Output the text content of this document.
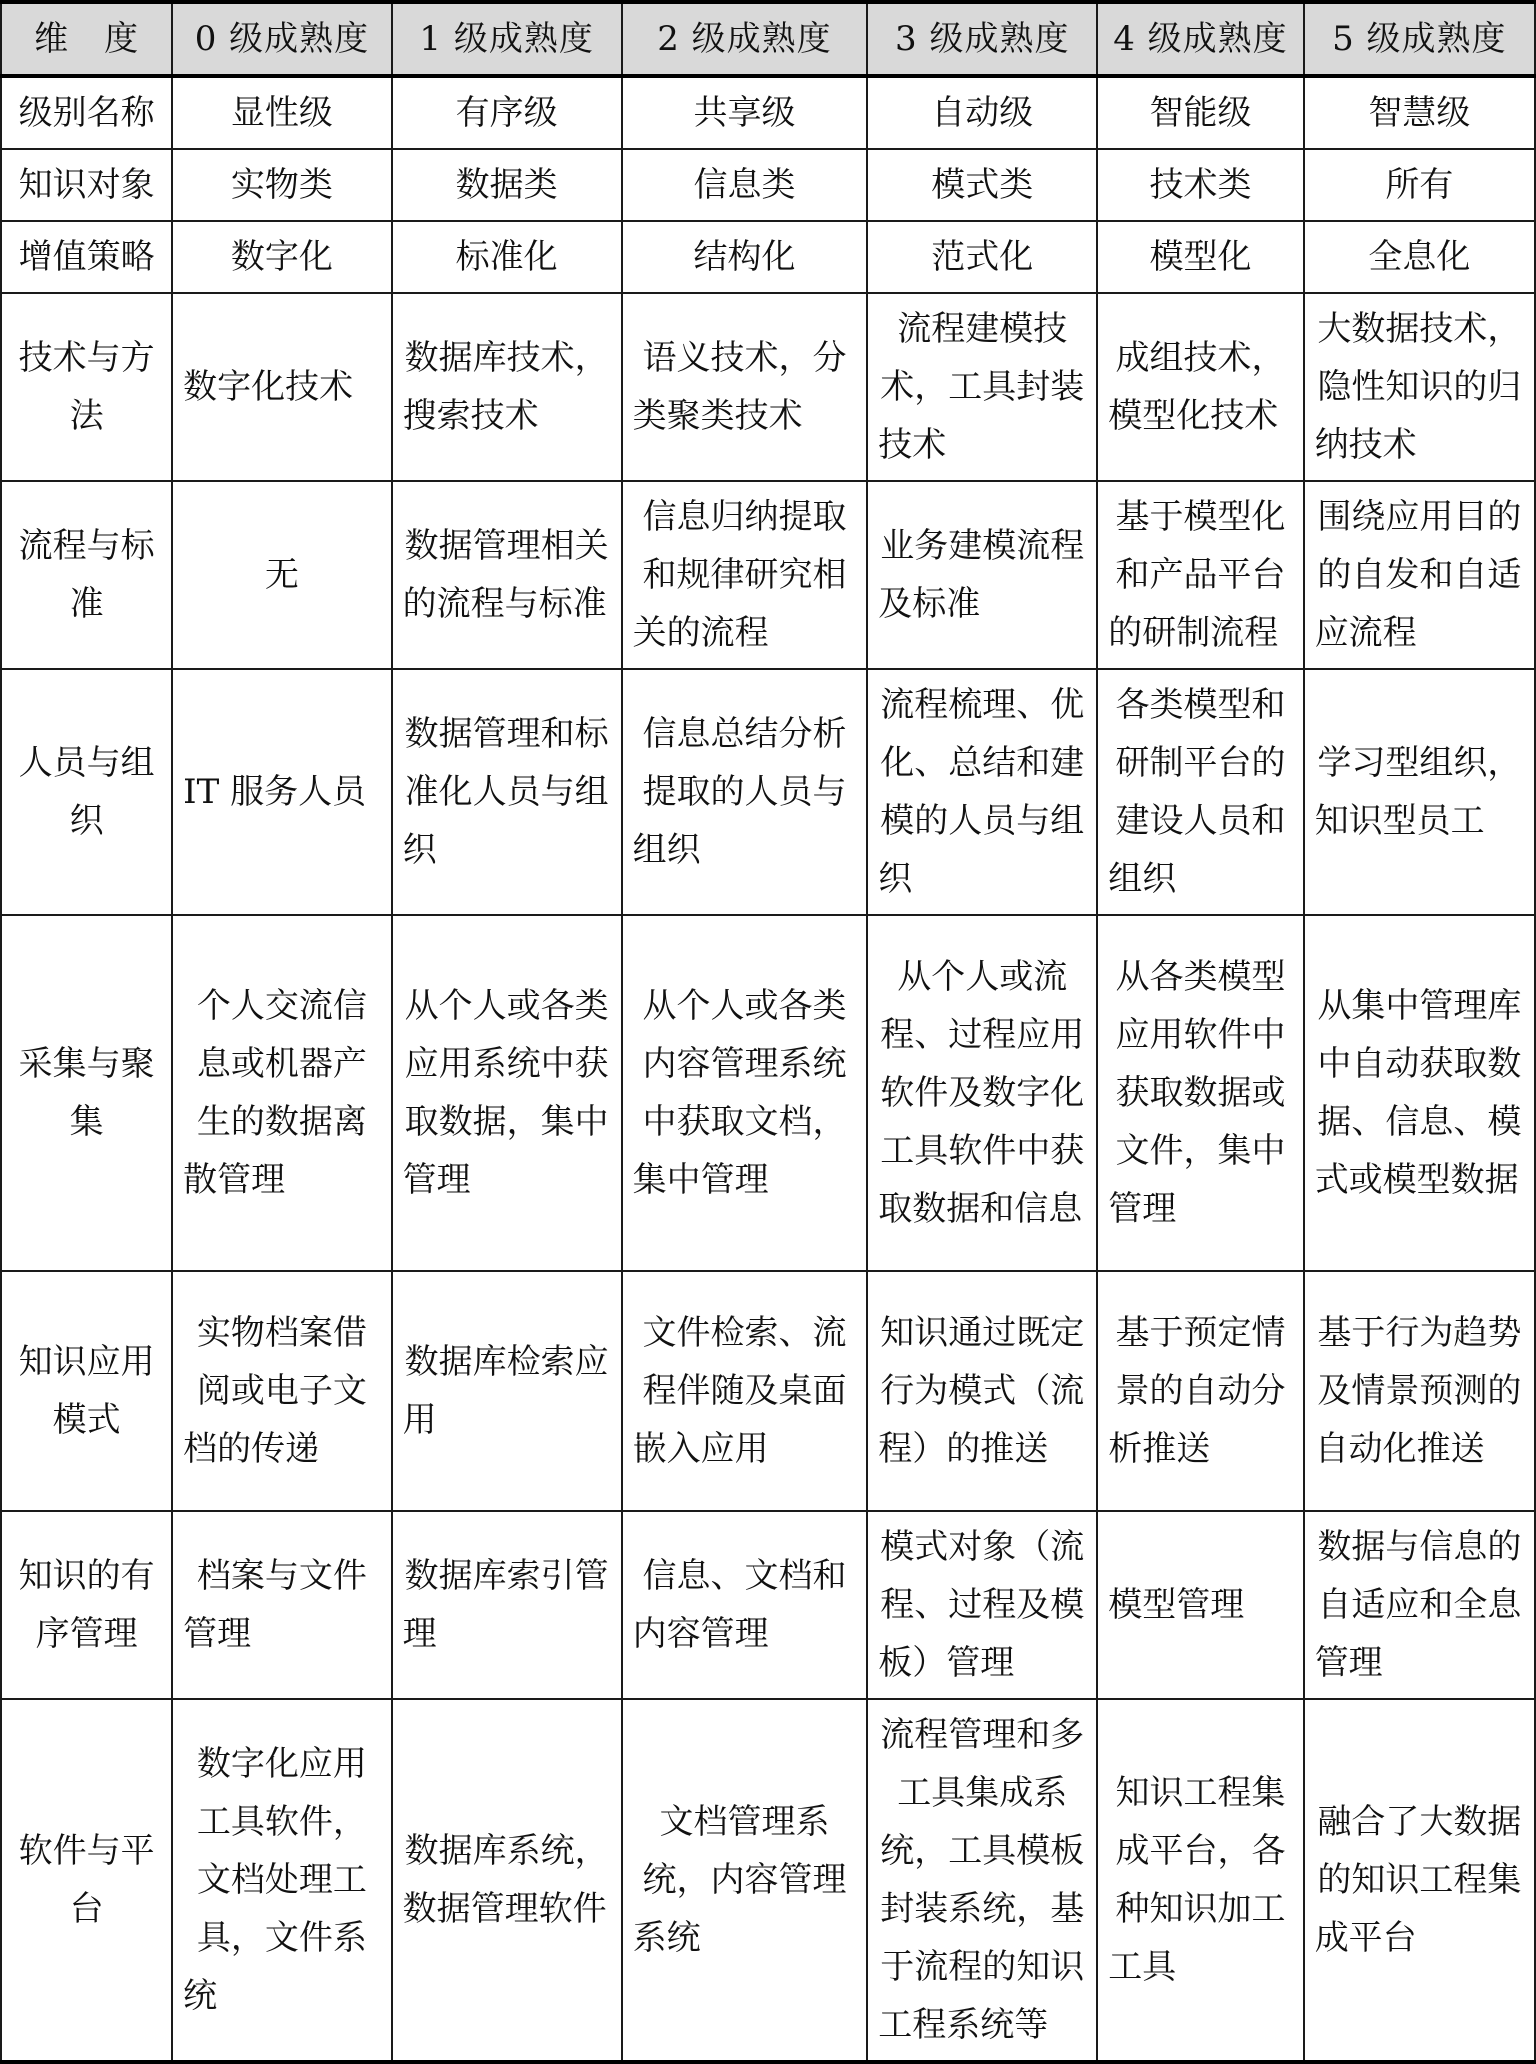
维　度	0 级成熟度	1 级成熟度	2 级成熟度	3 级成熟度	4 级成熟度	5 级成熟度
级别名称	显性级	有序级	共享级	自动级	智能级	智慧级
知识对象	实物类	数据类	信息类	模式类	技术类	所有
增值策略	数字化	标准化	结构化	范式化	模型化	全息化
技术与方法	数字化技术	数据库技术，搜索技术	语义技术，分类聚类技术	流程建模技术，工具封装技术	成组技术，模型化技术	大数据技术，隐性知识的归纳技术
流程与标准	无	数据管理相关的流程与标准	信息归纳提取和规律研究相关的流程	业务建模流程及标准	基于模型化和产品平台的研制流程	围绕应用目的的自发和自适应流程
人员与组织	IT 服务人员	数据管理和标准化人员与组织	信息总结分析提取的人员与组织	流程梳理、优化、总结和建模的人员与组织	各类模型和研制平台的建设人员和组织	学习型组织，知识型员工
采集与聚集	个人交流信息或机器产生的数据离散管理	从个人或各类应用系统中获取数据，集中管理	从个人或各类内容管理系统中获取文档，集中管理	从个人或流程、过程应用软件及数字化工具软件中获取数据和信息	从各类模型应用软件中获取数据或文件，集中管理	从集中管理库中自动获取数据、信息、模式或模型数据
知识应用模式	实物档案借阅或电子文档的传递	数据库检索应用	文件检索、流程伴随及桌面嵌入应用	知识通过既定行为模式（流程）的推送	基于预定情景的自动分析推送	基于行为趋势及情景预测的自动化推送
知识的有序管理	档案与文件管理	数据库索引管理	信息、文档和内容管理	模式对象（流程、过程及模板）管理	模型管理	数据与信息的自适应和全息管理
软件与平台	数字化应用工具软件，文档处理工具，文件系统	数据库系统，数据管理软件	文档管理系统，内容管理系统	流程管理和多工具集成系统，工具模板封装系统，基于流程的知识工程系统等	知识工程集成平台，各种知识加工工具	融合了大数据的知识工程集成平台
